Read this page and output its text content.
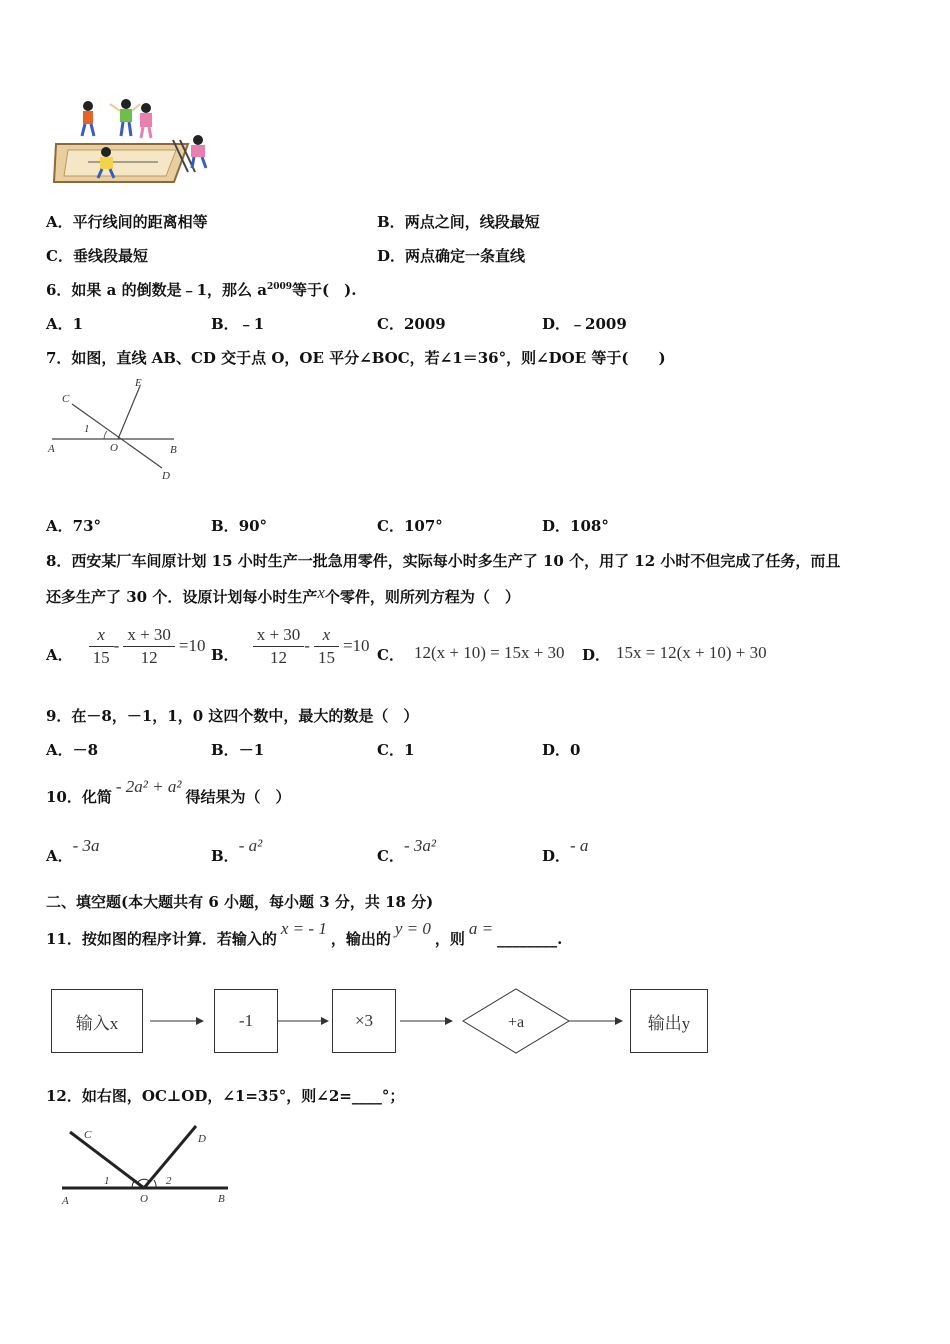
A．平行线间的距离相等	B．两点之间，线段最短
C．垂线段最短	D．两点确定一条直线
6．如果 a 的倒数是﹣1，那么 $a^{2009}$等于(　).
A．1	B．﹣1	C．2009	D．﹣2009
7．如图，直线 AB、CD 交于点 O，OE 平分∠BOC，若∠1＝36°，则∠DOE 等于(　　)
A	B
C
D
E
O
1
A．73°	B．90°	C．107°	D．108°
8．西安某厂车间原计划 15 小时生产一批急用零件，实际每小时多生产了 10 个，用了 12 小时不但完成了任务，而且
还多生产了 30 个．设原计划每小时生产x个零件，则所列方程为（　）
A． $\frac{x}{15} - \frac{x + 30}{12} =10$ B． $\frac{x + 30}{12} - \frac{x}{15} =10$ C． 12(x + 10) = 15x + 30 D． 15x = 12(x + 10) + 30
9．在－8，－1，1，0 这四个数中，最大的数是（　）
A．－8	B．－1	C．1	D．0
10．化简- 2a² + a²得结果为（　）
A．- 3a
B．- a²
C．- 3a²
D．- a
二、填空题(本大题共有 6 小题，每小题 3 分，共 18 分)
11．按如图的程序计算．若输入的x = - 1，输出的y = 0，则a =________.
输入x	-1	×3	输出y
+a
12．如右图，OC⊥OD，∠1=35°，则∠2=____°；
A	B
C	D
O
1	2
